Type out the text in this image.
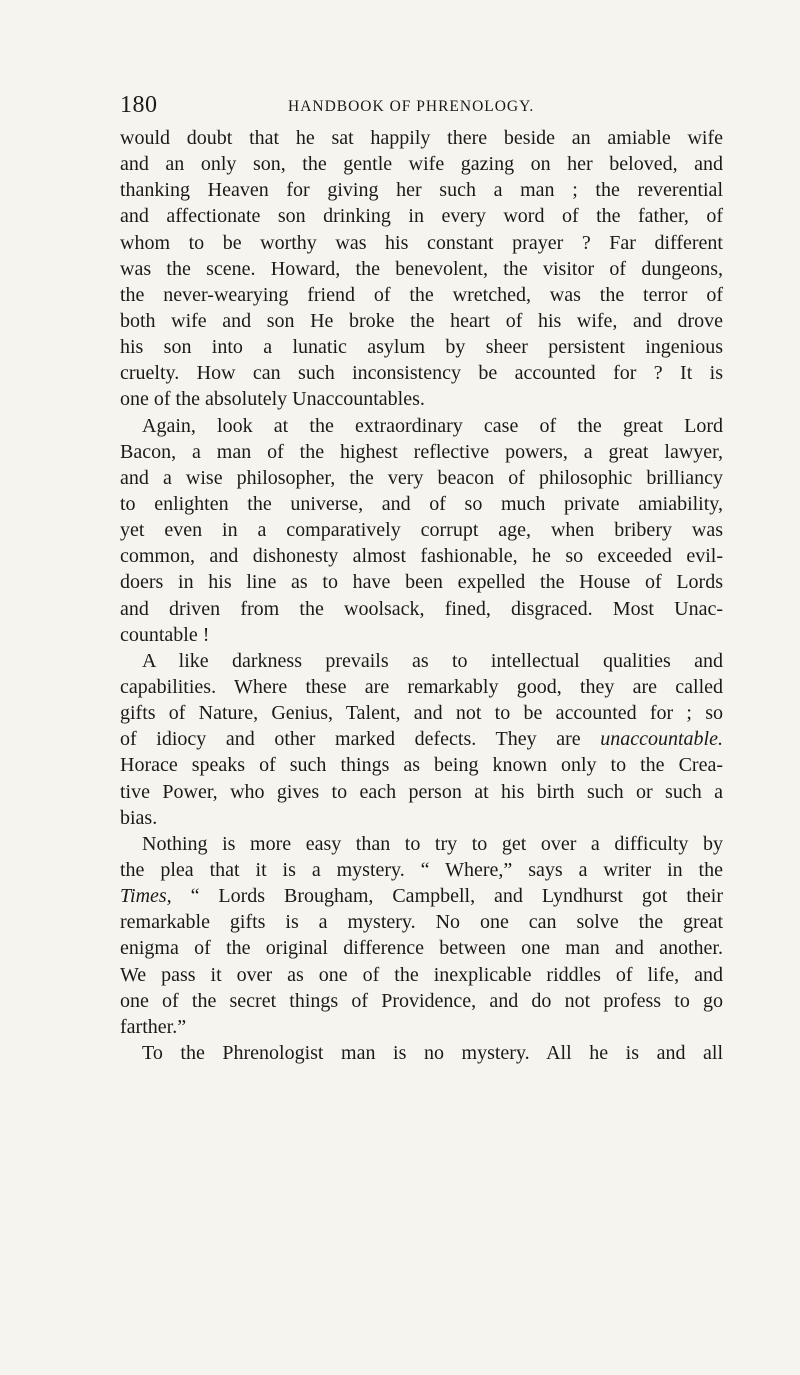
180	HANDBOOK OF PHRENOLOGY.
would doubt that he sat happily there beside an amiable wife
and an only son, the gentle wife gazing on her beloved, and
thanking Heaven for giving her such a man ; the reverential
and affectionate son drinking in every word of the father, of
whom to be worthy was his constant prayer ? Far different
was the scene. Howard, the benevolent, the visitor of dungeons,
the never-wearying friend of the wretched, was the terror of
both wife and son He broke the heart of his wife, and drove
his son into a lunatic asylum by sheer persistent ingenious
cruelty. How can such inconsistency be accounted for ? It is
one of the absolutely Unaccountables.
Again, look at the extraordinary case of the great Lord
Bacon, a man of the highest reflective powers, a great lawyer,
and a wise philosopher, the very beacon of philosophic brilliancy
to enlighten the universe, and of so much private amiability,
yet even in a comparatively corrupt age, when bribery was
common, and dishonesty almost fashionable, he so exceeded evil-
doers in his line as to have been expelled the House of Lords
and driven from the woolsack, fined, disgraced. Most Unac-
countable !
A like darkness prevails as to intellectual qualities and
capabilities. Where these are remarkably good, they are called
gifts of Nature, Genius, Talent, and not to be accounted for ; so
of idiocy and other marked defects. They are unaccountable.
Horace speaks of such things as being known only to the Crea-
tive Power, who gives to each person at his birth such or such a
bias.
Nothing is more easy than to try to get over a difficulty by
the plea that it is a mystery. “ Where,” says a writer in the
Times, “ Lords Brougham, Campbell, and Lyndhurst got their
remarkable gifts is a mystery. No one can solve the great
enigma of the original difference between one man and another.
We pass it over as one of the inexplicable riddles of life, and
one of the secret things of Providence, and do not profess to go
farther.”
To the Phrenologist man is no mystery. All he is and all
